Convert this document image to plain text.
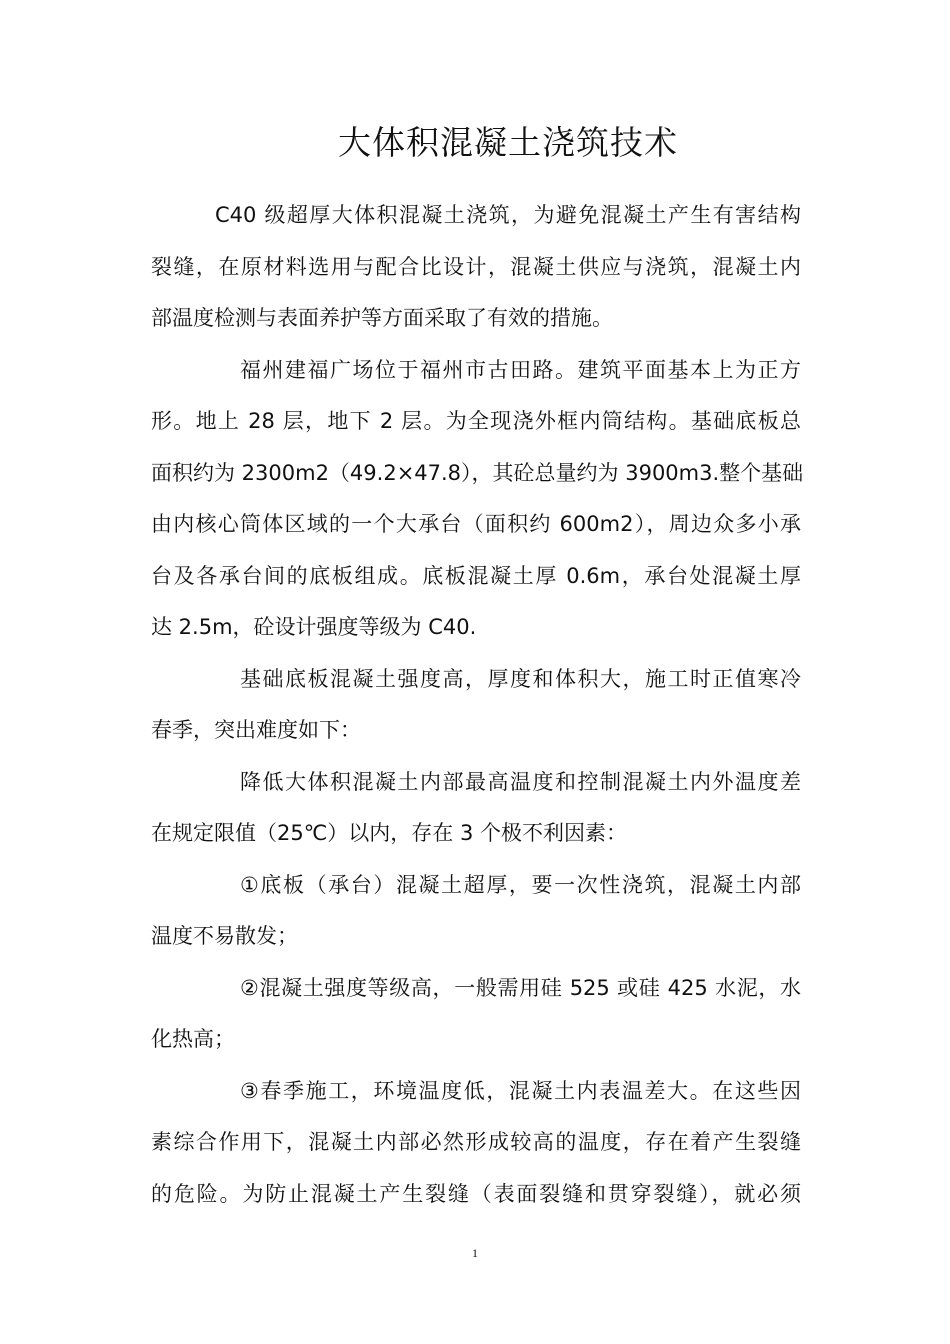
大体积混凝土浇筑技术
C40 级超厚大体积混凝土浇筑，为避免混凝土产生有害结构
裂缝，在原材料选用与配合比设计，混凝土供应与浇筑，混凝土内
部温度检测与表面养护等方面采取了有效的措施。
福州建福广场位于福州市古田路。建筑平面基本上为正方
形。地上 28 层，地下 2 层。为全现浇外框内筒结构。基础底板总
面积约为 2300m2（49.2×47.8），其砼总量约为 3900m3.整个基础
由内核心筒体区域的一个大承台（面积约 600m2），周边众多小承
台及各承台间的底板组成。底板混凝土厚 0.6m，承台处混凝土厚
达 2.5m，砼设计强度等级为 C40.
基础底板混凝土强度高，厚度和体积大，施工时正值寒冷
春季，突出难度如下：
降低大体积混凝土内部最高温度和控制混凝土内外温度差
在规定限值（25℃）以内，存在 3 个极不利因素：
①底板（承台）混凝土超厚，要一次性浇筑，混凝土内部
温度不易散发；
②混凝土强度等级高，一般需用硅 525 或硅 425 水泥，水
化热高；
③春季施工，环境温度低，混凝土内表温差大。在这些因
素综合作用下，混凝土内部必然形成较高的温度，存在着产生裂缝
的危险。为防止混凝土产生裂缝（表面裂缝和贯穿裂缝），就必须
1
